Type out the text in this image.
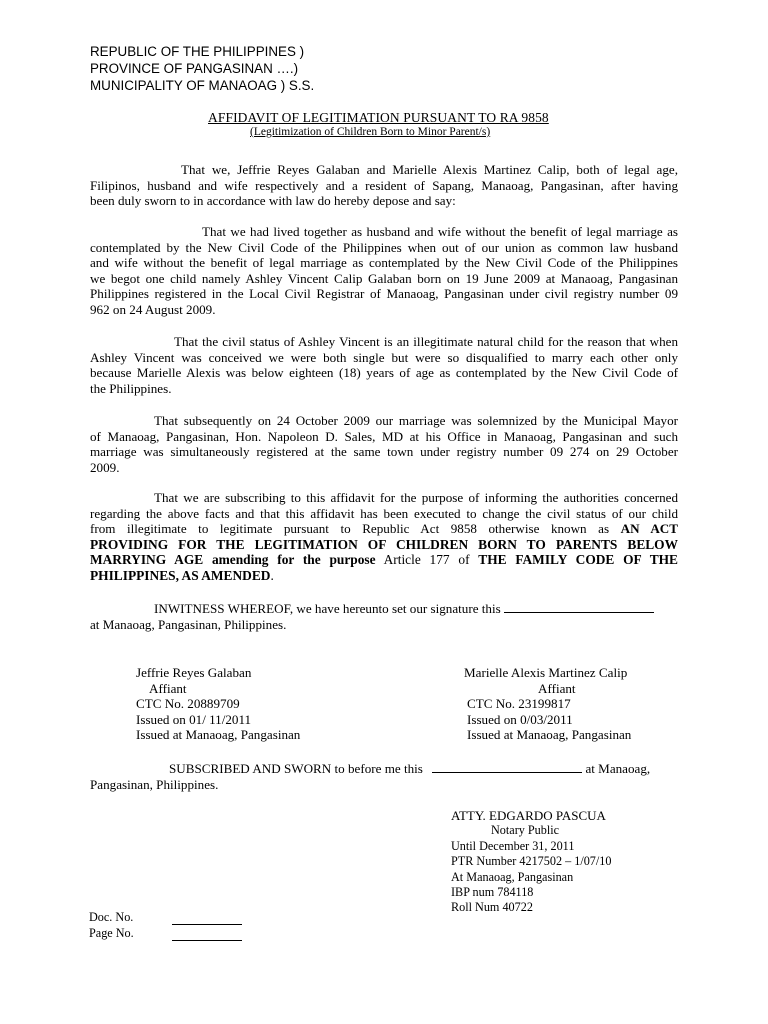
REPUBLIC OF THE PHILIPPINES )
PROVINCE OF PANGASINAN ….)
MUNICIPALITY OF MANAOAG ) S.S.
AFFIDAVIT OF LEGITIMATION PURSUANT TO RA 9858
(Legitimization of Children Born to Minor Parent/s)
That we, Jeffrie Reyes Galaban and Marielle Alexis Martinez Calip, both of legal age,
Filipinos, husband and wife respectively and a resident of Sapang, Manaoag, Pangasinan, after having
been duly sworn to in accordance with law do hereby depose and say:
That we had lived together as husband and wife without the benefit of legal marriage as
contemplated by the New Civil Code of the Philippines when out of our union as common law husband
and wife without the benefit of legal marriage as contemplated by the New Civil Code of the Philippines
we begot one child namely Ashley Vincent Calip Galaban born on 19 June 2009 at Manaoag, Pangasinan
Philippines registered in the Local Civil Registrar of Manaoag, Pangasinan under civil registry number 09
962 on 24 August 2009.
That the civil status of Ashley Vincent is an illegitimate natural child for the reason that when
Ashley Vincent was conceived we were both single but were so disqualified to marry each other only
because Marielle Alexis was below eighteen (18) years of age as contemplated by the New Civil Code of
the Philippines.
That subsequently on 24 October 2009 our marriage was solemnized by the Municipal Mayor
of Manaoag, Pangasinan, Hon. Napoleon D. Sales, MD at his Office in Manaoag, Pangasinan and such
marriage was simultaneously registered at the same town under registry number 09 274 on 29 October
2009.
That we are subscribing to this affidavit for the purpose of informing the authorities concerned
regarding the above facts and that this affidavit has been executed to change the civil status of our child
from illegitimate to legitimate pursuant to Republic Act 9858 otherwise known as AN ACT
PROVIDING FOR THE LEGITIMATION OF CHILDREN BORN TO PARENTS BELOW
MARRYING AGE amending for the purpose Article 177 of THE FAMILY CODE OF THE
PHILIPPINES, AS AMENDED.
INWITNESS WHEREOF, we have hereunto set our signature this
at Manaoag, Pangasinan, Philippines.
Jeffrie Reyes Galaban
Affiant
CTC No. 20889709
Issued on 01/ 11/2011
Issued at Manaoag, Pangasinan
Marielle Alexis Martinez Calip
Affiant
CTC No. 23199817
Issued on 0/03/2011
Issued at Manaoag, Pangasinan
SUBSCRIBED AND SWORN to before me this	at Manaoag,
Pangasinan, Philippines.
ATTY. EDGARDO PASCUA
Notary Public
Until December 31, 2011
PTR Number 4217502 – 1/07/10
At Manaoag, Pangasinan
IBP num 784118
Roll Num 40722
Doc. No.
Page No.
